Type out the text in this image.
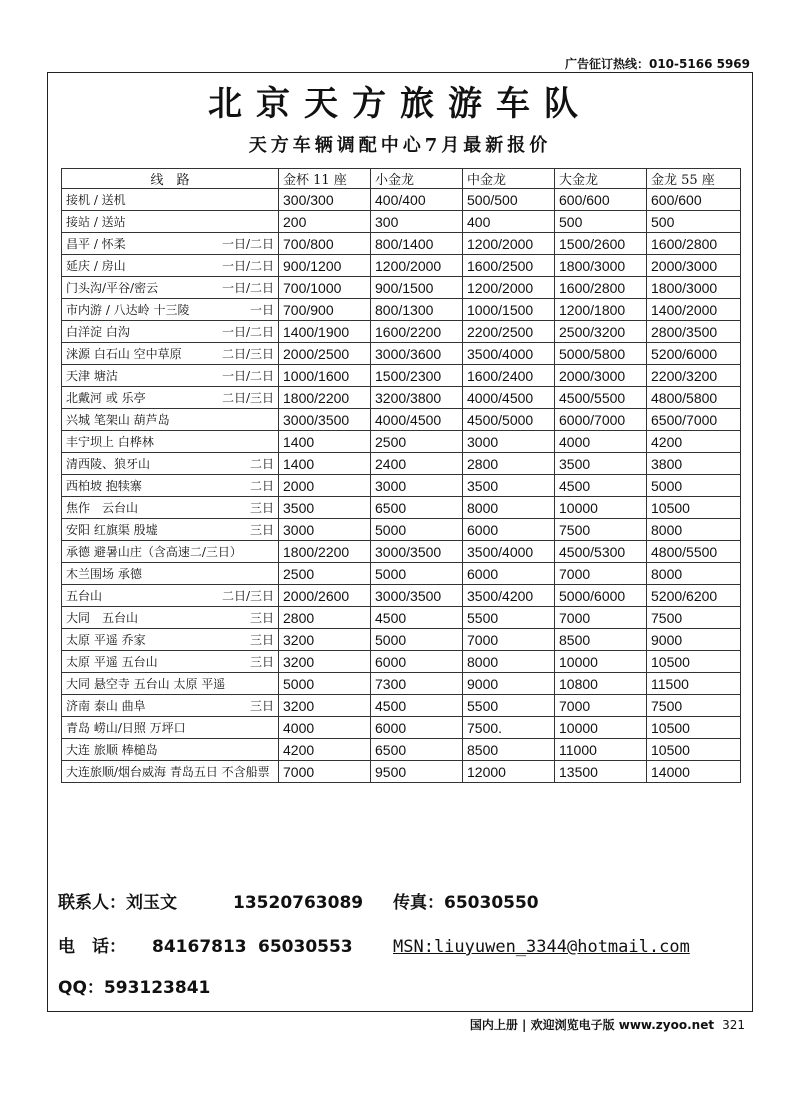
广告征订热线：010-5166 5969
北京天方旅游车队
天方车辆调配中心7月最新报价
线　路	金杯 11 座	小金龙	中金龙	大金龙	金龙 55 座
接机 / 送机	300/300	400/400	500/500	600/600	600/600
接站 / 送站	200	300	400	500	500
昌平 / 怀柔 一日/二日	700/800	800/1400	1200/2000	1500/2600	1600/2800
延庆 / 房山 一日/二日	900/1200	1200/2000	1600/2500	1800/3000	2000/3000
门头沟/平谷/密云 一日/二日	700/1000	900/1500	1200/2000	1600/2800	1800/3000
市内游 / 八达岭 十三陵 一日	700/900	800/1300	1000/1500	1200/1800	1400/2000
白洋淀 白沟 一日/二日	1400/1900	1600/2200	2200/2500	2500/3200	2800/3500
涞源 白石山 空中草原 二日/三日	2000/2500	3000/3600	3500/4000	5000/5800	5200/6000
天津 塘沽 一日/二日	1000/1600	1500/2300	1600/2400	2000/3000	2200/3200
北戴河 或 乐亭 二日/三日	1800/2200	3200/3800	4000/4500	4500/5500	4800/5800
兴城 笔架山 葫芦岛	3000/3500	4000/4500	4500/5000	6000/7000	6500/7000
丰宁坝上 白桦林	1400	2500	3000	4000	4200
清西陵、狼牙山 二日	1400	2400	2800	3500	3800
西柏坡 抱犊寨 二日	2000	3000	3500	4500	5000
焦作　云台山 三日	3500	6500	8000	10000	10500
安阳 红旗渠 殷墟 三日	3000	5000	6000	7500	8000
承德 避暑山庄（含高速二/三日）	1800/2200	3000/3500	3500/4000	4500/5300	4800/5500
木兰围场 承德	2500	5000	6000	7000	8000
五台山 二日/三日	2000/2600	3000/3500	3500/4200	5000/6000	5200/6200
大同　五台山 三日	2800	4500	5500	7000	7500
太原 平遥 乔家 三日	3200	5000	7000	8500	9000
太原 平遥 五台山 三日	3200	6000	8000	10000	10500
大同 悬空寺 五台山 太原 平遥	5000	7300	9000	10800	11500
济南 泰山 曲阜 三日	3200	4500	5500	7000	7500
青岛 崂山/日照 万坪口	4000	6000	7500.	10000	10500
大连 旅顺 棒槌岛	4200	6500	8500	11000	10500
大连旅顺/烟台威海 青岛五日 不含船票	7000	9500	12000	13500	14000
联系人：刘玉文	13520763089 传真：65030550
电　话： 84167813 65030553 MSN:liuyuwen_3344@hotmail.com
QQ：593123841
国内上册 | 欢迎浏览电子版 www.zyoo.net 321
